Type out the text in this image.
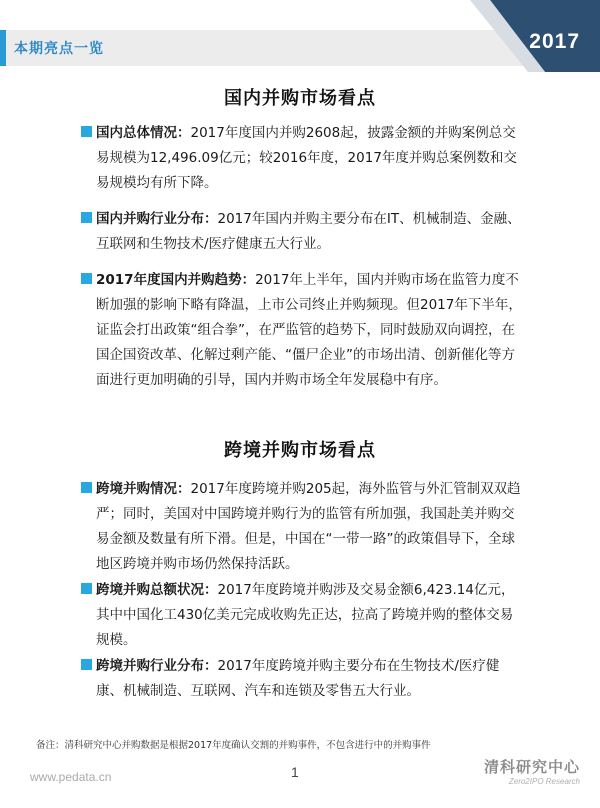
本期亮点一览	2017
国内并购市场看点
国内总体情况：2017年度国内并购2608起，披露金额的并购案例总交易规模为12,496.09亿元；较2016年度，2017年度并购总案例数和交易规模均有所下降。
国内并购行业分布：2017年国内并购主要分布在IT、机械制造、金融、互联网和生物技术/医疗健康五大行业。
2017年度国内并购趋势：2017年上半年，国内并购市场在监管力度不断加强的影响下略有降温，上市公司终止并购频现。但2017年下半年，证监会打出政策“组合拳”，在严监管的趋势下，同时鼓励双向调控，在国企国资改革、化解过剩产能、“僵尸企业”的市场出清、创新催化等方面进行更加明确的引导，国内并购市场全年发展稳中有序。
跨境并购市场看点
跨境并购情况：2017年度跨境并购205起，海外监管与外汇管制双双趋严；同时，美国对中国跨境并购行为的监管有所加强，我国赴美并购交易金额及数量有所下滑。但是，中国在“一带一路”的政策倡导下，全球地区跨境并购市场仍然保持活跃。
跨境并购总额状况：2017年度跨境并购涉及交易金额6,423.14亿元，其中中国化工430亿美元完成收购先正达，拉高了跨境并购的整体交易规模。
跨境并购行业分布：2017年度跨境并购主要分布在生物技术/医疗健康、机械制造、互联网、汽车和连锁及零售五大行业。
备注：清科研究中心并购数据是根据2017年度确认交割的并购事件，不包含进行中的并购事件
www.pedata.cn	1	清科研究中心
Zero2IPO Research
